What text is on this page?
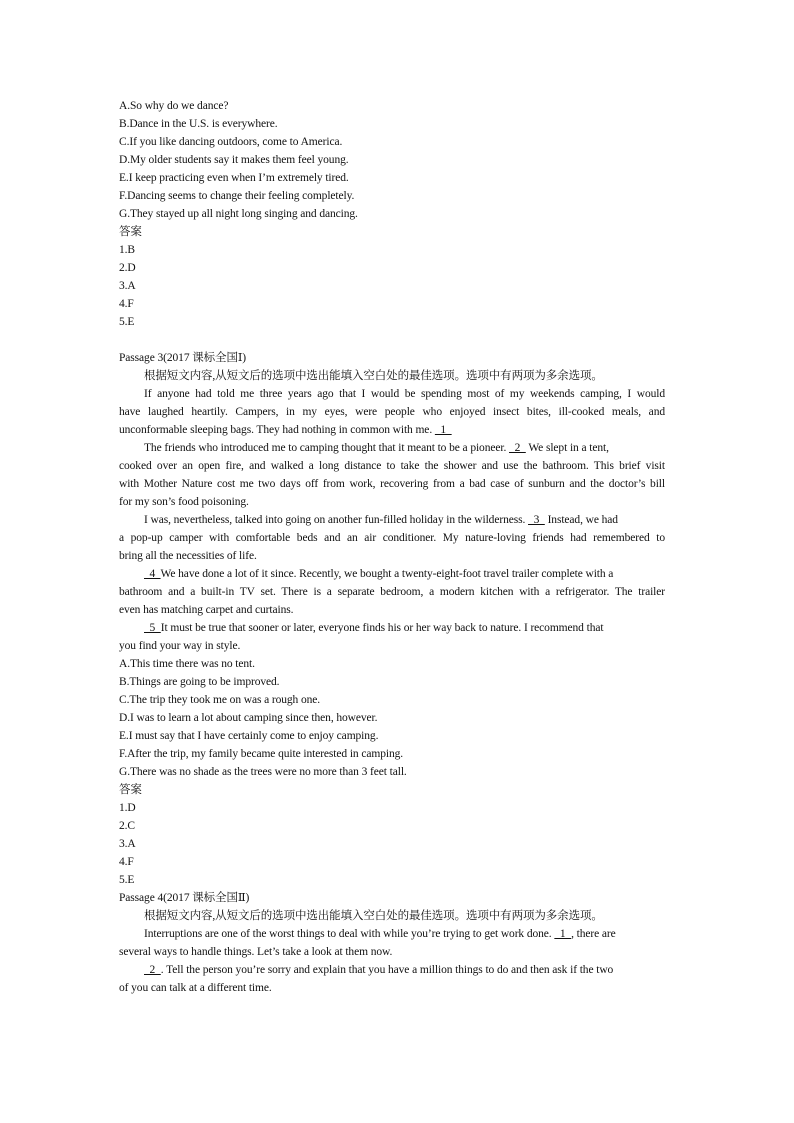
A.So why do we dance?
B.Dance in the U.S. is everywhere.
C.If you like dancing outdoors, come to America.
D.My older students say it makes them feel young.
E.I keep practicing even when I’m extremely tired.
F.Dancing seems to change their feeling completely.
G.They stayed up all night long singing and dancing.
答案
1.B
2.D
3.A
4.F
5.E
Passage 3(2017 课标全国Ⅰ)
根据短文内容,从短文后的选项中选出能填入空白处的最佳选项。选项中有两项为多余选项。
If anyone had told me three years ago that I would be spending most of my weekends camping, I would
have laughed heartily. Campers, in my eyes, were people who enjoyed insect bites, ill-cooked meals, and
unconformable sleeping bags. They had nothing in common with me.   1
The friends who introduced me to camping thought that it meant to be a pioneer.   2   We slept in a tent,
cooked over an open fire, and walked a long distance to take the shower and use the bathroom. This brief visit
with Mother Nature cost me two days off from work, recovering from a bad case of sunburn and the doctor’s bill
for my son’s food poisoning.
I was, nevertheless, talked into going on another fun-filled holiday in the wilderness.   3   Instead, we had
a pop-up camper with comfortable beds and an air conditioner. My nature-loving friends had remembered to
bring all the necessities of life.
4  We have done a lot of it since. Recently, we bought a twenty-eight-foot travel trailer complete with a
bathroom and a built-in TV set. There is a separate bedroom, a modern kitchen with a refrigerator. The trailer
even has matching carpet and curtains.
5  It must be true that sooner or later, everyone finds his or her way back to nature. I recommend that
you find your way in style.
A.This time there was no tent.
B.Things are going to be improved.
C.The trip they took me on was a rough one.
D.I was to learn a lot about camping since then, however.
E.I must say that I have certainly come to enjoy camping.
F.After the trip, my family became quite interested in camping.
G.There was no shade as the trees were no more than 3 feet tall.
答案
1.D
2.C
3.A
4.F
5.E
Passage 4(2017 课标全国Ⅱ)
根据短文内容,从短文后的选项中选出能填入空白处的最佳选项。选项中有两项为多余选项。
Interruptions are one of the worst things to deal with while you’re trying to get work done.   1  , there are
several ways to handle things. Let’s take a look at them now.
2  . Tell the person you’re sorry and explain that you have a million things to do and then ask if the two
of you can talk at a different time.
